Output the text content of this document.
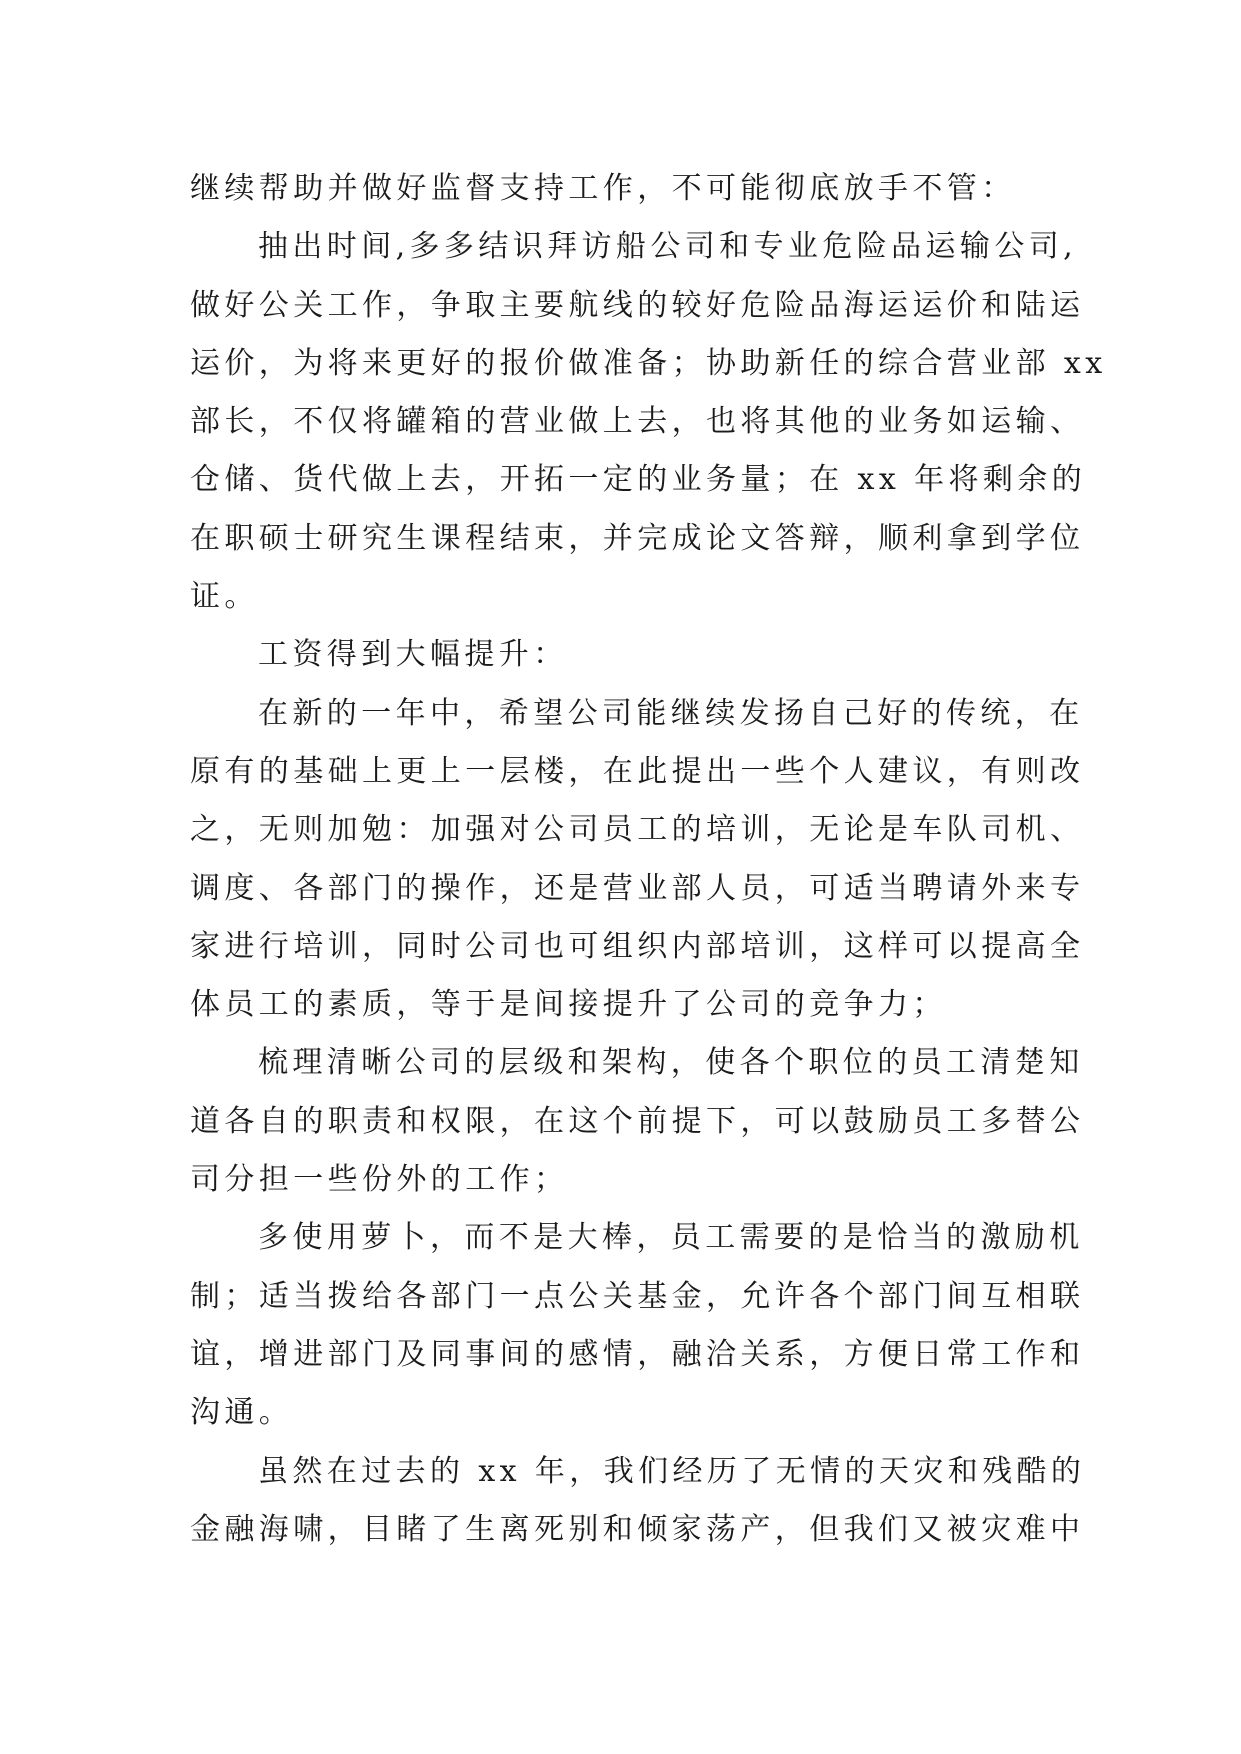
继续帮助并做好监督支持工作，不可能彻底放手不管：
抽出时间,多多结识拜访船公司和专业危险品运输公司,
做好公关工作，争取主要航线的较好危险品海运运价和陆运
运价，为将来更好的报价做准备；协助新任的综合营业部 xx
部长，不仅将罐箱的营业做上去，也将其他的业务如运输、
仓储、货代做上去，开拓一定的业务量；在 xx 年将剩余的
在职硕士研究生课程结束，并完成论文答辩，顺利拿到学位
证。
工资得到大幅提升：
在新的一年中，希望公司能继续发扬自己好的传统，在
原有的基础上更上一层楼，在此提出一些个人建议，有则改
之，无则加勉：加强对公司员工的培训，无论是车队司机、
调度、各部门的操作，还是营业部人员，可适当聘请外来专
家进行培训，同时公司也可组织内部培训，这样可以提高全
体员工的素质，等于是间接提升了公司的竞争力；
梳理清晰公司的层级和架构，使各个职位的员工清楚知
道各自的职责和权限，在这个前提下，可以鼓励员工多替公
司分担一些份外的工作；
多使用萝卜，而不是大棒，员工需要的是恰当的激励机
制；适当拨给各部门一点公关基金，允许各个部门间互相联
谊，增进部门及同事间的感情，融洽关系，方便日常工作和
沟通。
虽然在过去的 xx 年，我们经历了无情的天灾和残酷的
金融海啸，目睹了生离死别和倾家荡产，但我们又被灾难中
